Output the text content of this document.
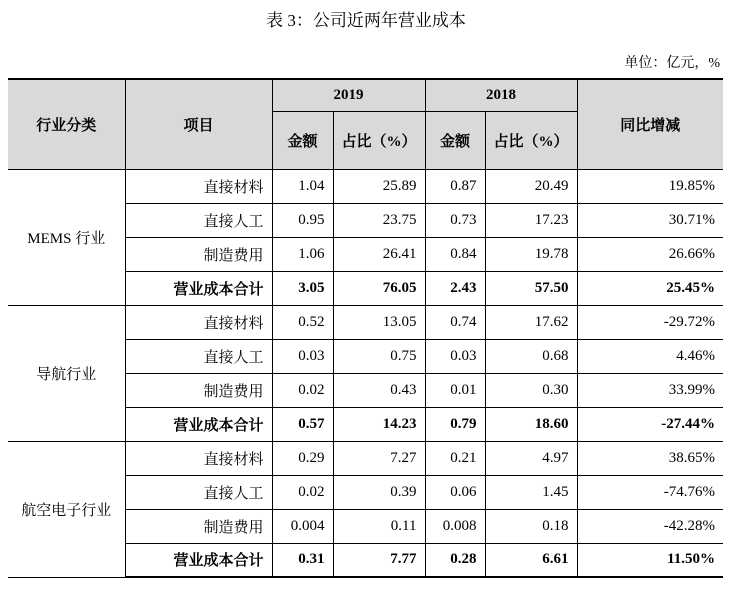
表 3：公司近两年营业成本
单位：亿元，%
行业分类	项目	2019		2018		同比增减
		金额	占比（%）	金额	占比（%）	
MEMS 行业	直接材料	1.04	25.89	0.87	20.49	19.85%
	直接人工	0.95	23.75	0.73	17.23	30.71%
	制造费用	1.06	26.41	0.84	19.78	26.66%
	营业成本合计	3.05	76.05	2.43	57.50	25.45%
导航行业	直接材料	0.52	13.05	0.74	17.62	-29.72%
	直接人工	0.03	0.75	0.03	0.68	4.46%
	制造费用	0.02	0.43	0.01	0.30	33.99%
	营业成本合计	0.57	14.23	0.79	18.60	-27.44%
航空电子行业	直接材料	0.29	7.27	0.21	4.97	38.65%
	直接人工	0.02	0.39	0.06	1.45	-74.76%
	制造费用	0.004	0.11	0.008	0.18	-42.28%
	营业成本合计	0.31	7.77	0.28	6.61	11.50%
